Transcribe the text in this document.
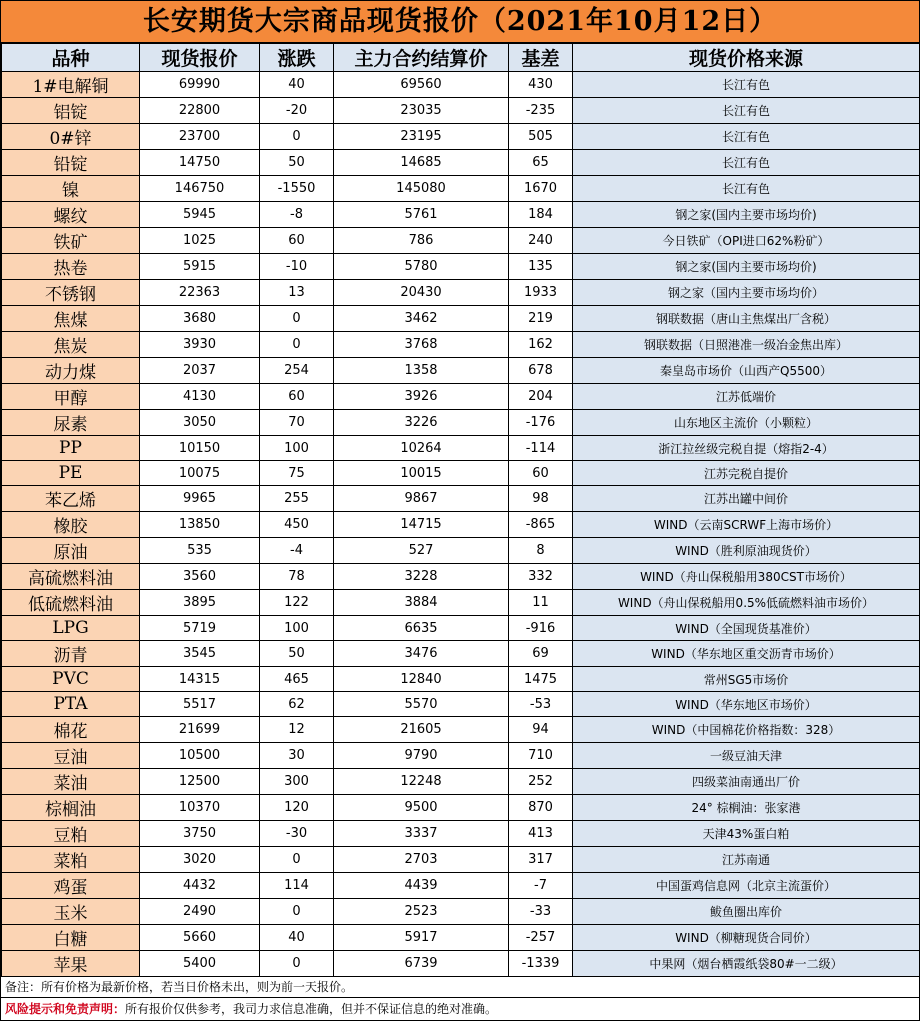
长安期货大宗商品现货报价（2021年10月12日）
品种	现货报价	涨跌	主力合约结算价	基差	现货价格来源
1#电解铜	69990	40	69560	430	长江有色
铝锭	22800	-20	23035	-235	长江有色
0#锌	23700	0	23195	505	长江有色
铅锭	14750	50	14685	65	长江有色
镍	146750	-1550	145080	1670	长江有色
螺纹	5945	-8	5761	184	钢之家(国内主要市场均价)
铁矿	1025	60	786	240	今日铁矿（OPI进口62%粉矿）
热卷	5915	-10	5780	135	钢之家(国内主要市场均价)
不锈钢	22363	13	20430	1933	钢之家（国内主要市场均价）
焦煤	3680	0	3462	219	钢联数据（唐山主焦煤出厂含税）
焦炭	3930	0	3768	162	钢联数据（日照港准一级冶金焦出库）
动力煤	2037	254	1358	678	秦皇岛市场价（山西产Q5500）
甲醇	4130	60	3926	204	江苏低端价
尿素	3050	70	3226	-176	山东地区主流价（小颗粒）
PP	10150	100	10264	-114	浙江拉丝级完税自提（熔指2-4）
PE	10075	75	10015	60	江苏完税自提价
苯乙烯	9965	255	9867	98	江苏出罐中间价
橡胶	13850	450	14715	-865	WIND（云南SCRWF上海市场价）
原油	535	-4	527	8	WIND（胜利原油现货价）
高硫燃料油	3560	78	3228	332	WIND（舟山保税船用380CST市场价）
低硫燃料油	3895	122	3884	11	WIND（舟山保税船用0.5%低硫燃料油市场价）
LPG	5719	100	6635	-916	WIND（全国现货基准价）
沥青	3545	50	3476	69	WIND（华东地区重交沥青市场价）
PVC	14315	465	12840	1475	常州SG5市场价
PTA	5517	62	5570	-53	WIND（华东地区市场价）
棉花	21699	12	21605	94	WIND（中国棉花价格指数：328）
豆油	10500	30	9790	710	一级豆油天津
菜油	12500	300	12248	252	四级菜油南通出厂价
棕榈油	10370	120	9500	870	24° 棕榈油：张家港
豆粕	3750	-30	3337	413	天津43%蛋白粕
菜粕	3020	0	2703	317	江苏南通
鸡蛋	4432	114	4439	-7	中国蛋鸡信息网（北京主流蛋价）
玉米	2490	0	2523	-33	鲅鱼圈出库价
白糖	5660	40	5917	-257	WIND（柳糖现货合同价）
苹果	5400	0	6739	-1339	中果网（烟台栖霞纸袋80#一二级）
备注：所有价格为最新价格，若当日价格未出，则为前一天报价。
风险提示和免责声明：所有报价仅供参考，我司力求信息准确，但并不保证信息的绝对准确。
